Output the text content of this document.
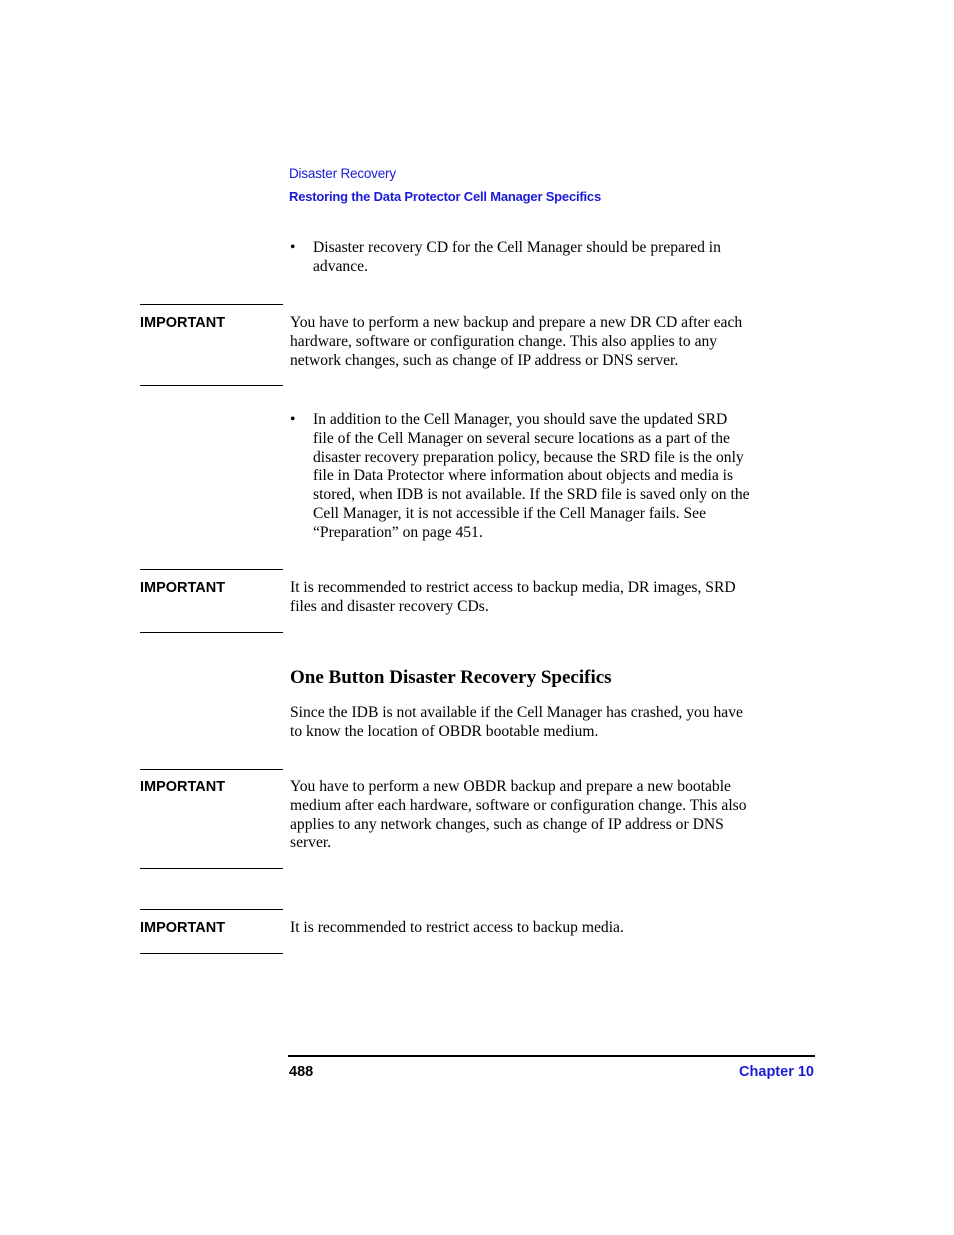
Disaster Recovery
Restoring the Data Protector Cell Manager Specifics
• Disaster recovery CD for the Cell Manager should be prepared in
advance.
IMPORTANT	You have to perform a new backup and prepare a new DR CD after each
hardware, software or configuration change. This also applies to any
network changes, such as change of IP address or DNS server.
• In addition to the Cell Manager, you should save the updated SRD
file of the Cell Manager on several secure locations as a part of the
disaster recovery preparation policy, because the SRD file is the only
file in Data Protector where information about objects and media is
stored, when IDB is not available. If the SRD file is saved only on the
Cell Manager, it is not accessible if the Cell Manager fails. See
“Preparation” on page 451.
IMPORTANT	It is recommended to restrict access to backup media, DR images, SRD
files and disaster recovery CDs.
One Button Disaster Recovery Specifics
Since the IDB is not available if the Cell Manager has crashed, you have
to know the location of OBDR bootable medium.
IMPORTANT	You have to perform a new OBDR backup and prepare a new bootable
medium after each hardware, software or configuration change. This also
applies to any network changes, such as change of IP address or DNS
server.
IMPORTANT	It is recommended to restrict access to backup media.
488	Chapter 10
